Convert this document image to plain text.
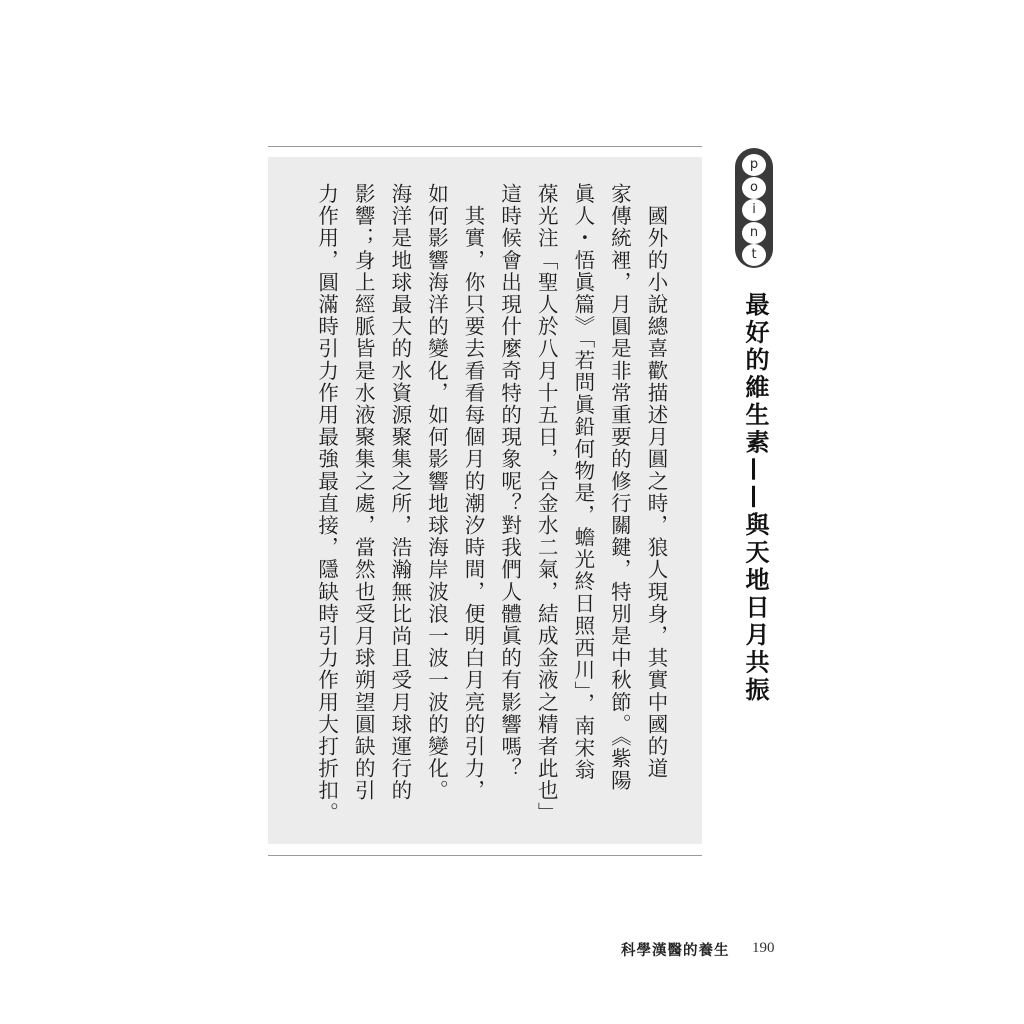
　國外的小說總喜歡描述月圓之時，狼人現身，其實中國的道
家傳統裡，月圓是非常重要的修行關鍵，特別是中秋節。《紫陽
眞人・悟眞篇》「若問眞鉛何物是，蟾光終日照西川」，南宋翁
葆光注「聖人於八月十五日，合金水二氣，結成金液之精者此也」
這時候會出現什麼奇特的現象呢？對我們人體眞的有影響嗎？
　其實，你只要去看看每個月的潮汐時間，便明白月亮的引力，
如何影響海洋的變化，如何影響地球海岸波浪一波一波的變化。
海洋是地球最大的水資源聚集之所，浩瀚無比尚且受月球運行的
影響；身上經脈皆是水液聚集之處，當然也受月球朔望圓缺的引
力作用，圓滿時引力作用最強最直接，隱缺時引力作用大打折扣。
p
o
i
n
t
最好的維生素——與天地日月共振
科學漢醫的養生 190
